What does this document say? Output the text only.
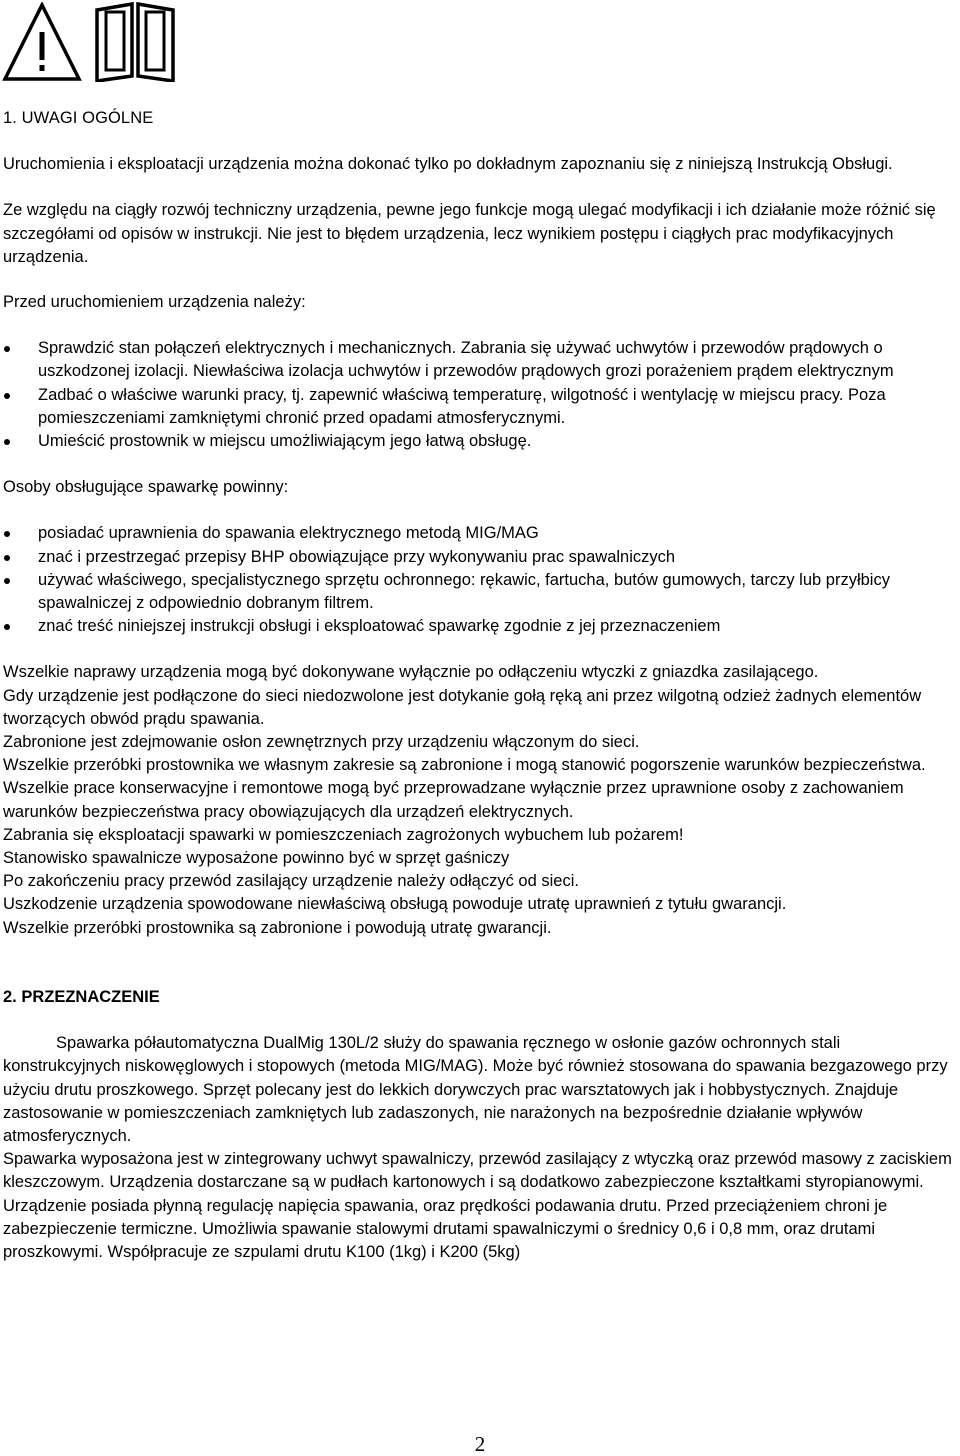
1. UWAGI OGÓLNE

Uruchomienia i eksploatacji urządzenia można dokonać tylko po dokładnym zapoznaniu się z niniejszą Instrukcją Obsługi.

Ze względu na ciągły rozwój techniczny urządzenia, pewne jego funkcje mogą ulegać modyfikacji i ich działanie może różnić się szczegółami od opisów w instrukcji. Nie jest to błędem urządzenia, lecz wynikiem postępu i ciągłych prac modyfikacyjnych urządzenia.

Przed uruchomieniem urządzenia należy:

Sprawdzić stan połączeń elektrycznych i mechanicznych. Zabrania się używać uchwytów i przewodów prądowych o uszkodzonej izolacji. Niewłaściwa izolacja uchwytów i przewodów prądowych grozi porażeniem prądem elektrycznym
Zadbać o właściwe warunki pracy, tj. zapewnić właściwą temperaturę, wilgotność i wentylację w miejscu pracy. Poza pomieszczeniami zamkniętymi chronić przed opadami atmosferycznymi.
Umieścić prostownik w miejscu umożliwiającym jego łatwą obsługę.

Osoby obsługujące spawarkę powinny:

posiadać uprawnienia do spawania elektrycznego metodą MIG/MAG
znać i przestrzegać przepisy BHP obowiązujące przy wykonywaniu prac spawalniczych
używać właściwego, specjalistycznego sprzętu ochronnego: rękawic, fartucha, butów gumowych, tarczy lub przyłbicy spawalniczej z odpowiednio dobranym filtrem.
znać treść niniejszej instrukcji obsługi i eksploatować spawarkę zgodnie z jej przeznaczeniem

Wszelkie naprawy urządzenia mogą być dokonywane wyłącznie po odłączeniu wtyczki z gniazdka zasilającego.

Gdy urządzenie jest podłączone do sieci niedozwolone jest dotykanie gołą ręką ani przez wilgotną odzież żadnych elementów tworzących obwód prądu spawania.

Zabronione jest zdejmowanie osłon zewnętrznych przy urządzeniu włączonym do sieci.

Wszelkie przeróbki prostownika we własnym zakresie są zabronione i mogą stanowić pogorszenie warunków bezpieczeństwa.

Wszelkie prace konserwacyjne i remontowe mogą być przeprowadzane wyłącznie przez uprawnione osoby z zachowaniem warunków bezpieczeństwa pracy obowiązujących dla urządzeń elektrycznych.

Zabrania się eksploatacji spawarki w pomieszczeniach zagrożonych wybuchem lub pożarem!

Stanowisko spawalnicze wyposażone powinno być w sprzęt gaśniczy

Po zakończeniu pracy przewód zasilający urządzenie należy odłączyć od sieci.

Uszkodzenie urządzenia spowodowane niewłaściwą obsługą powoduje utratę uprawnień z tytułu gwarancji.

Wszelkie przeróbki prostownika są zabronione i powodują utratę gwarancji.

2. PRZEZNACZENIE

Spawarka półautomatyczna DualMig 130L/2 służy do spawania ręcznego w osłonie gazów ochronnych stali konstrukcyjnych niskowęglowych i stopowych (metoda MIG/MAG). Może być również stosowana do spawania bezgazowego przy użyciu drutu proszkowego. Sprzęt polecany jest do lekkich dorywczych prac warsztatowych jak i hobbystycznych. Znajduje zastosowanie w pomieszczeniach zamkniętych lub zadaszonych, nie narażonych na bezpośrednie działanie wpływów atmosferycznych.

Spawarka wyposażona jest w zintegrowany uchwyt spawalniczy, przewód zasilający z wtyczką oraz przewód masowy z zaciskiem kleszczowym. Urządzenia dostarczane są w pudłach kartonowych i są dodatkowo zabezpieczone kształtkami styropianowymi.

Urządzenie posiada płynną regulację napięcia spawania, oraz prędkości podawania drutu. Przed przeciążeniem chroni je zabezpieczenie termiczne. Umożliwia spawanie stalowymi drutami spawalniczymi o średnicy 0,6 i 0,8 mm, oraz drutami proszkowymi. Współpracuje ze szpulami drutu K100 (1kg) i K200 (5kg)

2
